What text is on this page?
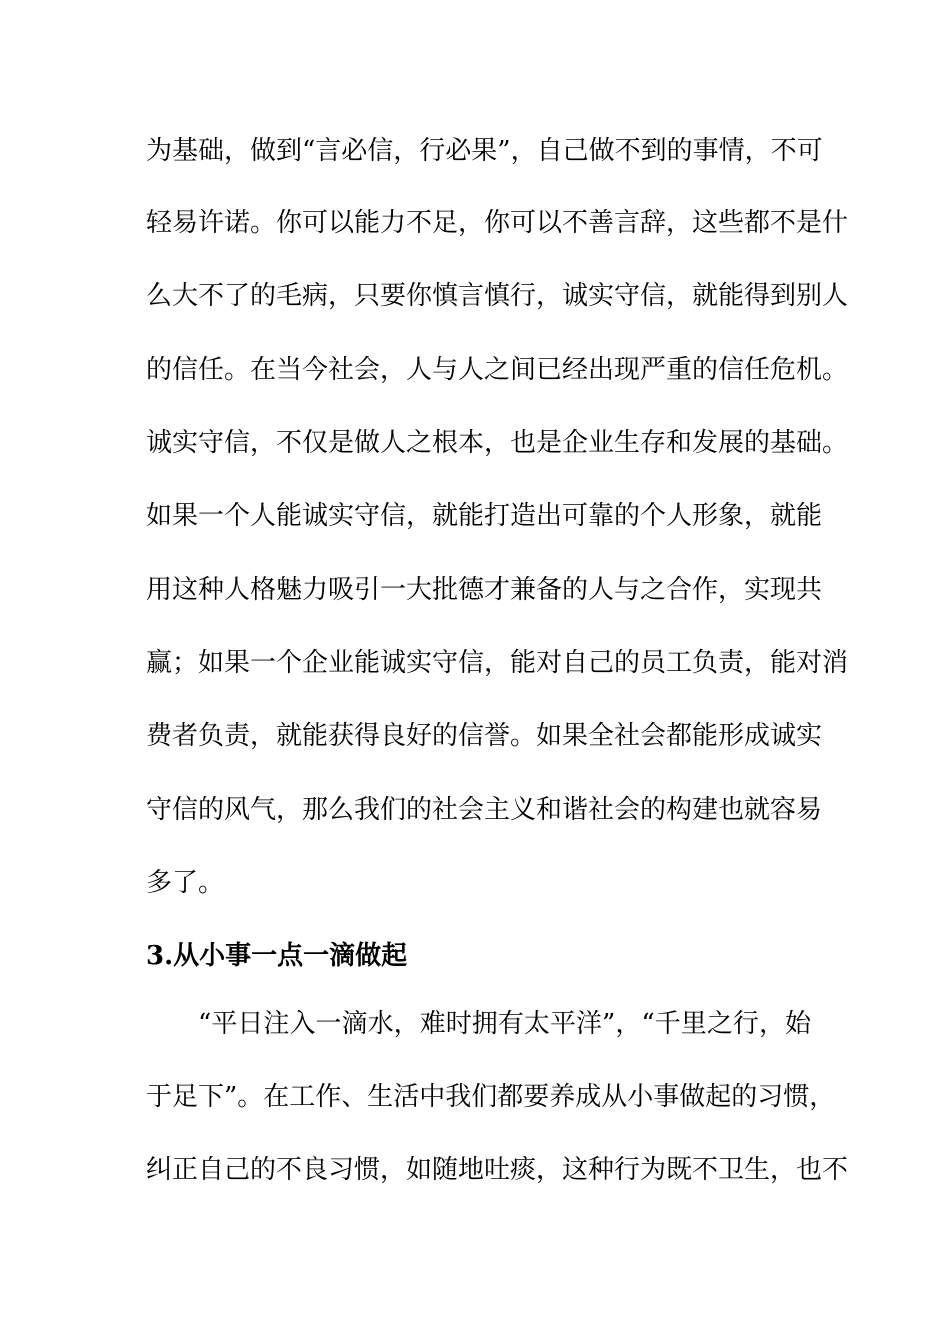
为基础，做到“言必信，行必果”，自己做不到的事情，不可
轻易许诺。你可以能力不足，你可以不善言辞，这些都不是什
么大不了的毛病，只要你慎言慎行，诚实守信，就能得到别人
的信任。在当今社会，人与人之间已经出现严重的信任危机。
诚实守信，不仅是做人之根本，也是企业生存和发展的基础。
如果一个人能诚实守信，就能打造出可靠的个人形象，就能
用这种人格魅力吸引一大批德才兼备的人与之合作，实现共
赢；如果一个企业能诚实守信，能对自己的员工负责，能对消
费者负责，就能获得良好的信誉。如果全社会都能形成诚实
守信的风气，那么我们的社会主义和谐社会的构建也就容易
多了。
3.从小事一点一滴做起
“平日注入一滴水，难时拥有太平洋”，“千里之行，始
于足下”。在工作、生活中我们都要养成从小事做起的习惯，
纠正自己的不良习惯，如随地吐痰，这种行为既不卫生，也不
